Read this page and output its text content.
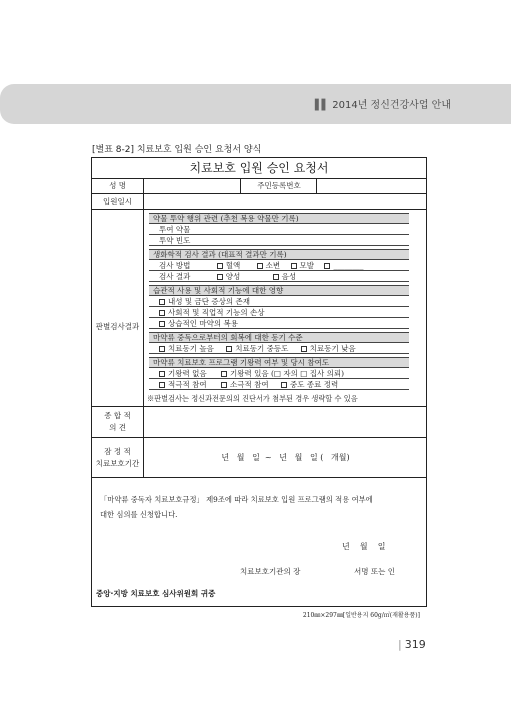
▌▌ 2014년 정신건강사업 안내
[별표 8-2] 치료보호 입원 승인 요청서 양식
치료보호 입원 승인 요청서
성 명	주민등록번호
입원일시
판별검사결과
약물 투약 행위 관련 (추천 복용 약물만 기록)
투여 약물
투약 빈도
생화학적 검사 결과 (대표적 결과만 기록)
검사 방법	혈액	소변	모발	________
검사 결과	양성	음성
습관적 사용 및 사회적 기능에 대한 영향
내성 및 금단 증상의 존재
사회적 및 직업적 기능의 손상
상습적인 마약의 복용
마약류 중독으로부터의 회복에 대한 동기 수준
치료동기 높음	치료동기 중등도	치료동기 낮음
마약류 치료보호 프로그램 기왕력 여부 및 당시 참여도
기왕력 없음	기왕력 있음 (□ 자의 □ 집사 의뢰)
적극적 참여	소극적 참여	중도 종료 정력
※판별검사는 정신과전문의의 진단서가 첨부된 경우 생략할 수 있음
종 합 적
의 견
잠 정 적
치료보호기간
년   월   일  ~   년   월   일 (   개월)
「마약류 중독자 치료보호규정」 제9조에 따라 치료보호 입원 프로그램의 적용 여부에
대한 심의를 신청합니다.
년    월    일
치료보호기관의 장	서명 또는 인
중앙·지방 치료보호 심사위원회 귀중
210㎜×297㎜[일반용지 60g/㎡(재활용품)]
| 319
